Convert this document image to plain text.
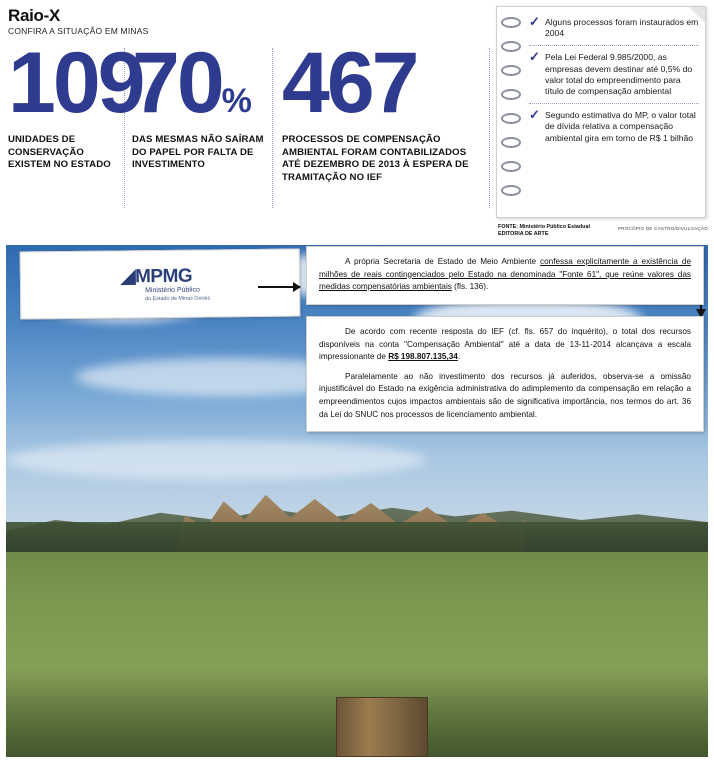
Raio-X
CONFIRA A SITUAÇÃO EM MINAS
109
UNIDADES DE CONSERVAÇÃO EXISTEM NO ESTADO
70%
DAS MESMAS NÃO SAÍRAM DO PAPEL POR FALTA DE INVESTIMENTO
467
PROCESSOS DE COMPENSAÇÃO AMBIENTAL FORAM CONTABILIZADOS ATÉ DEZEMBRO DE 2013 À ESPERA DE TRAMITAÇÃO NO IEF
✓ Alguns processos foram instaurados em 2004
✓ Pela Lei Federal 9.985/2000, as empresas devem destinar até 0,5% do valor total do empreendimento para título de compensação ambiental
✓ Segundo estimativa do MP, o valor total de dívida relativa a compensação ambiental gira em torno de R$ 1 bilhão
FONTE: Ministério Público Estadual
EDITORIA DE ARTE
PROCÓPIO DE CASTRO/DIVULGAÇÃO
◢MPMG
Ministério Público
do Estado de Minas Gerais

A própria Secretaria de Estado de Meio Ambiente confessa explicitamente a existência de milhões de reais contingenciados pelo Estado na denominada "Fonte 61", que reúne valores das medidas compensatórias ambientais (fls. 136).

De acordo com recente resposta do IEF (cf. fls. 657 do inquérito), o total dos recursos disponíveis na conta "Compensação Ambiental" até a data de 13-11-2014 alcançava a escala impressionante de R$ 198.807.135,34.

Paralelamente ao não investimento dos recursos já auferidos, observa-se a omissão injustificável do Estado na exigência administrativa do adimplemento da compensação em relação a empreendimentos cujos impactos ambientais são de significativa importância, nos termos do art. 36 da Lei do SNUC nos processos de licenciamento ambiental.
